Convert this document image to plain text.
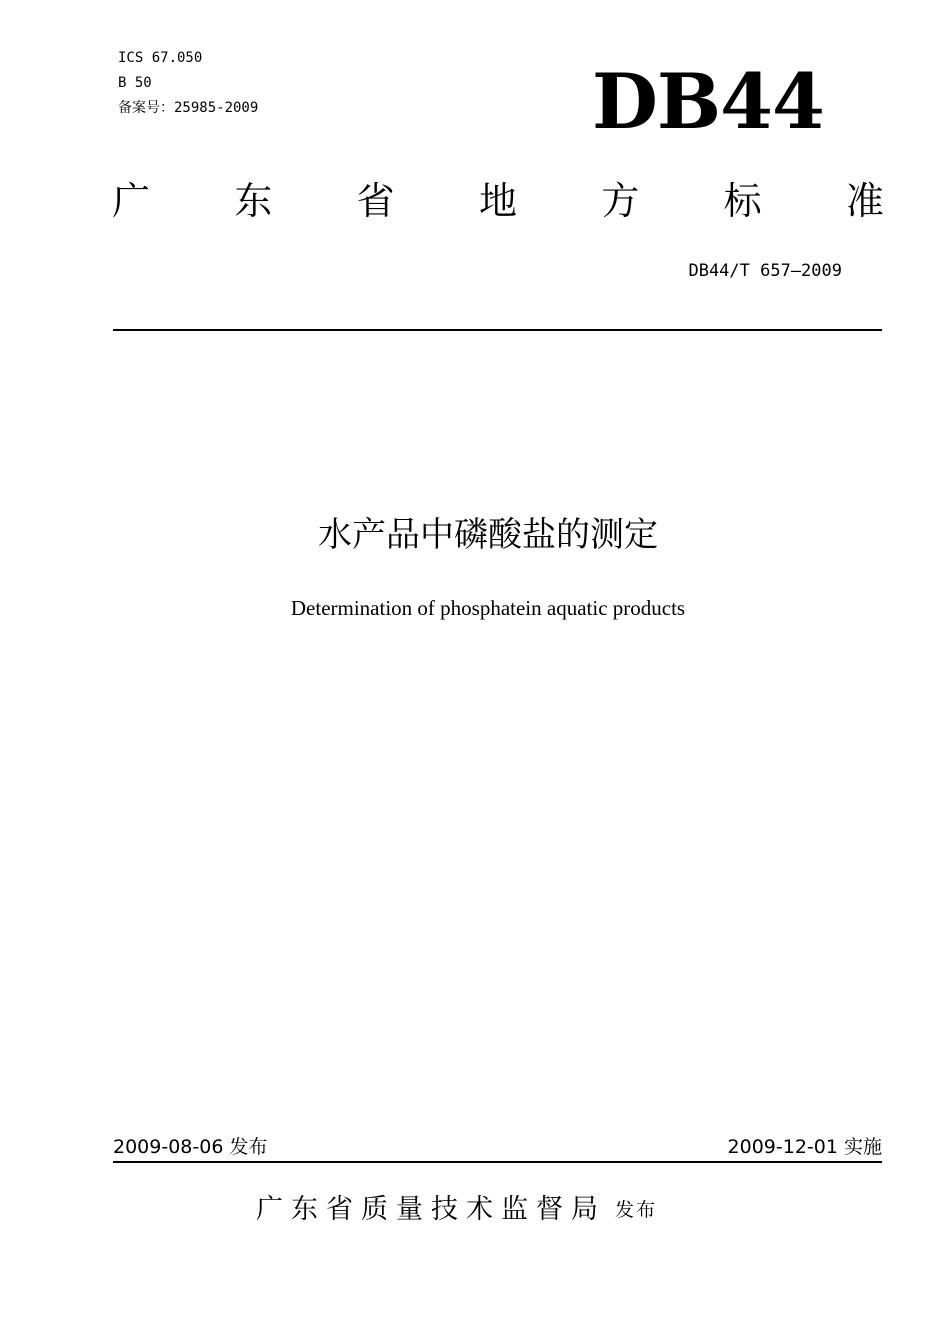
ICS 67.050
B 50
备案号：25985-2009	DB44
广 东 省 地 方 标 准
DB44/T 657—2009
水产品中磷酸盐的测定
Determination of phosphatein aquatic products
2009-08-06 发布	2009-12-01 实施
广东省质量技术监督局 发布
